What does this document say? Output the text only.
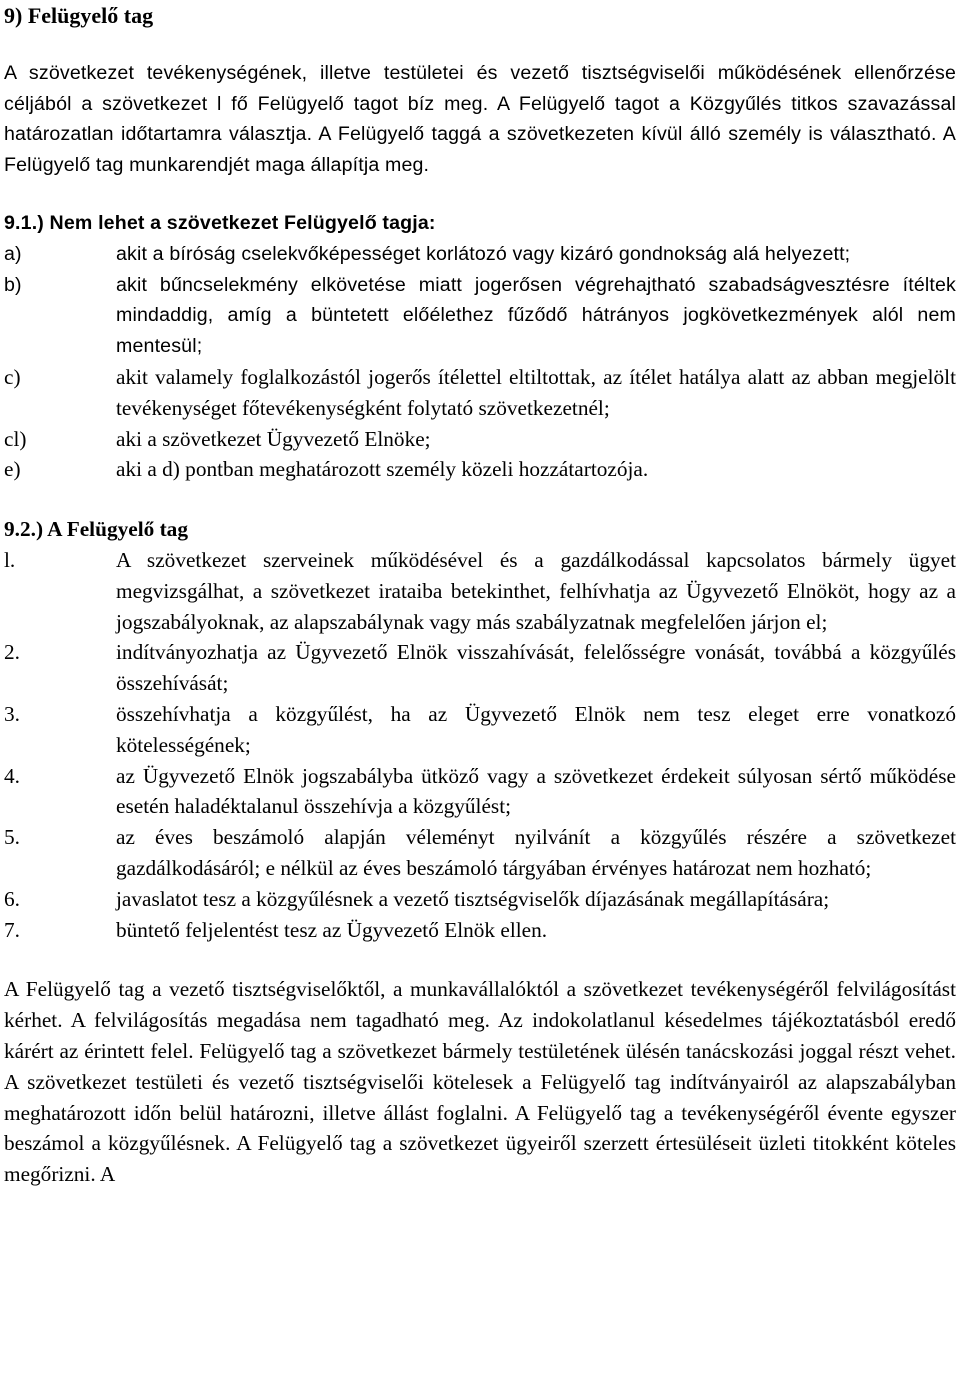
9) Felügyelő tag

A szövetkezet tevékenységének, illetve testületei és vezető tisztségviselői működésének ellenőrzése céljából a szövetkezet l fő Felügyelő tagot bíz meg. A Felügyelő tagot a Közgyűlés titkos szavazással határozatlan időtartamra választja. A Felügyelő taggá a szövetkezeten kívül álló személy is választható. A Felügyelő tag munkarendjét maga állapítja meg.

9.1.) Nem lehet a szövetkezet Felügyelő tagja:

a)	akit a bíróság cselekvőképességet korlátozó vagy kizáró gondnokság alá helyezett;
b)	akit bűncselekmény elkövetése miatt jogerősen végrehajtható szabadságvesztésre ítéltek mindaddig, amíg a büntetett előélethez fűződő hátrányos jogkövetkezmények alól nem mentesül;
c)	akit valamely foglalkozástól jogerős ítélettel eltiltottak, az ítélet hatálya alatt az abban megjelölt tevékenységet főtevékenységként folytató szövetkezetnél;
cl)	aki a szövetkezet Ügyvezető Elnöke;
e)	aki a d) pontban meghatározott személy közeli hozzátartozója.

9.2.) A Felügyelő tag

l.	A szövetkezet szerveinek működésével és a gazdálkodással kapcsolatos bármely ügyet megvizsgálhat, a szövetkezet irataiba betekinthet, felhívhatja az Ügyvezető Elnököt, hogy az a jogszabályoknak, az alapszabálynak vagy más szabályzatnak megfelelően járjon el;
2.	indítványozhatja az Ügyvezető Elnök visszahívását, felelősségre vonását, továbbá a közgyűlés összehívását;
3.	összehívhatja a közgyűlést, ha az Ügyvezető Elnök nem tesz eleget erre vonatkozó kötelességének;
4.	az Ügyvezető Elnök jogszabályba ütköző vagy a szövetkezet érdekeit súlyosan sértő működése esetén haladéktalanul összehívja a közgyűlést;
5.	az éves beszámoló alapján véleményt nyilvánít a közgyűlés részére a szövetkezet gazdálkodásáról; e nélkül az éves beszámoló tárgyában érvényes határozat nem hozható;
6.	javaslatot tesz a közgyűlésnek a vezető tisztségviselők díjazásának megállapítására;
7.	büntető feljelentést tesz az Ügyvezető Elnök ellen.

A Felügyelő tag a vezető tisztségviselőktől, a munkavállalóktól a szövetkezet tevékenységéről felvilágosítást kérhet. A felvilágosítás megadása nem tagadható meg. Az indokolatlanul késedelmes tájékoztatásból eredő kárért az érintett felel. Felügyelő tag a szövetkezet bármely testületének ülésén tanácskozási joggal részt vehet. A szövetkezet testületi és vezető tisztségviselői kötelesek a Felügyelő tag indítványairól az alapszabályban meghatározott időn belül határozni, illetve állást foglalni. A Felügyelő tag a tevékenységéről évente egyszer beszámol a közgyűlésnek. A Felügyelő tag a szövetkezet ügyeiről szerzett értesüléseit üzleti titokként köteles megőrizni. A
